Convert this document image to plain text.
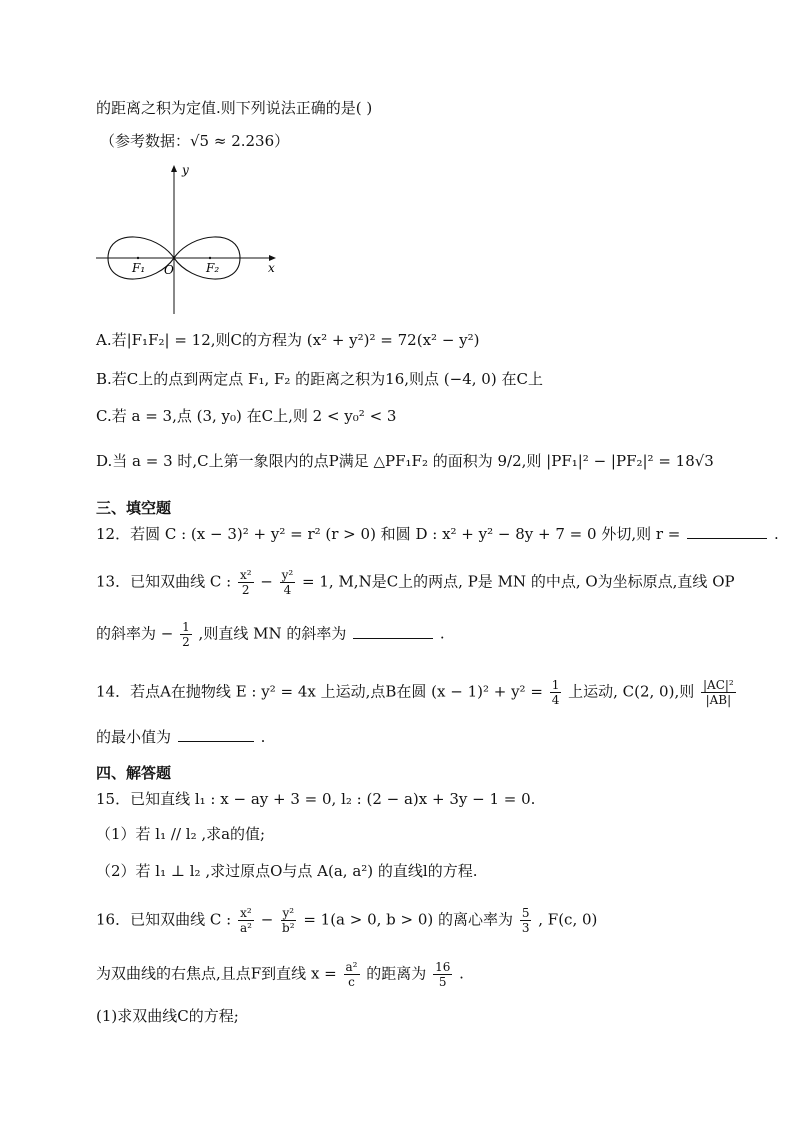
的距离之积为定值.则下列说法正确的是( )
（参考数据：√5 ≈ 2.236）
y
x
O
F₁	F₂
A.若|F₁F₂| = 12,则C的方程为 (x² + y²)² = 72(x² − y²)
B.若C上的点到两定点 F₁, F₂ 的距离之积为16,则点 (−4, 0) 在C上
C.若 a = 3,点 (3, y₀) 在C上,则 2 < y₀² < 3
D.当 a = 3 时,C上第一象限内的点P满足 △PF₁F₂ 的面积为 9/2,则 |PF₁|² − |PF₂|² = 18√3
三、填空题
12．若圆 C : (x − 3)² + y² = r² (r > 0) 和圆 D : x² + y² − 8y + 7 = 0 外切,则 r =	.
13．已知双曲线 C : $\frac{\text{x²}}{2} - \frac{\text{y²}}{4} = 1$, M,N是C上的两点, P是 MN 的中点, O为坐标原点,直线 OP
的斜率为 − $\frac{1}{2}$ ,则直线 MN 的斜率为	.
14．若点A在抛物线 E : y² = 4x 上运动,点B在圆 $(x - 1)^2 + y^2 = \frac{1}{4}$ 上运动, C(2, 0),则 $\frac{\text{|AC|²}}{|AB|}$
的最小值为	.
四、解答题
15．已知直线 l₁ : x − ay + 3 = 0, l₂ : (2 − a)x + 3y − 1 = 0.
（1）若 l₁ // l₂ ,求a的值;
（2）若 l₁ ⊥ l₂ ,求过原点O与点 A(a, a²) 的直线l的方程.
16．已知双曲线 C : $\frac{\text{x²}}{\text{a²}} - \frac{\text{y²}}{\text{b²}} = 1(a > 0$, b > 0) 的离心率为 $\frac{5}{3}$ , F(c, 0)
为双曲线的右焦点,且点F到直线 $x = \frac{\text{a²}}{c}$ 的距离为 $\frac{16}{5}$ .
(1)求双曲线C的方程;
